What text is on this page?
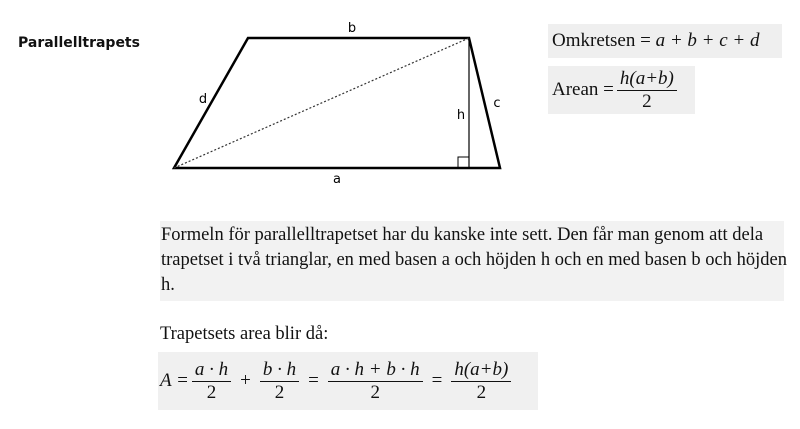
Parallelltrapets
b
a
d	c
h
Omkretsen =
a + b + c + d
Arean = $\frac{h(a+b)}{2}$

Formeln för parallelltrapetset har du kanske inte sett. Den får man genom att dela trapetset i två trianglar, en med basen a och höjden h och en med basen b och höjden h.

Trapetsets area blir då:
$A = \frac{a \cdot h}{2} + \frac{b \cdot h}{2} = \frac{a \cdot h + b \cdot h}{2} = \frac{h(a+b)}{2}$
